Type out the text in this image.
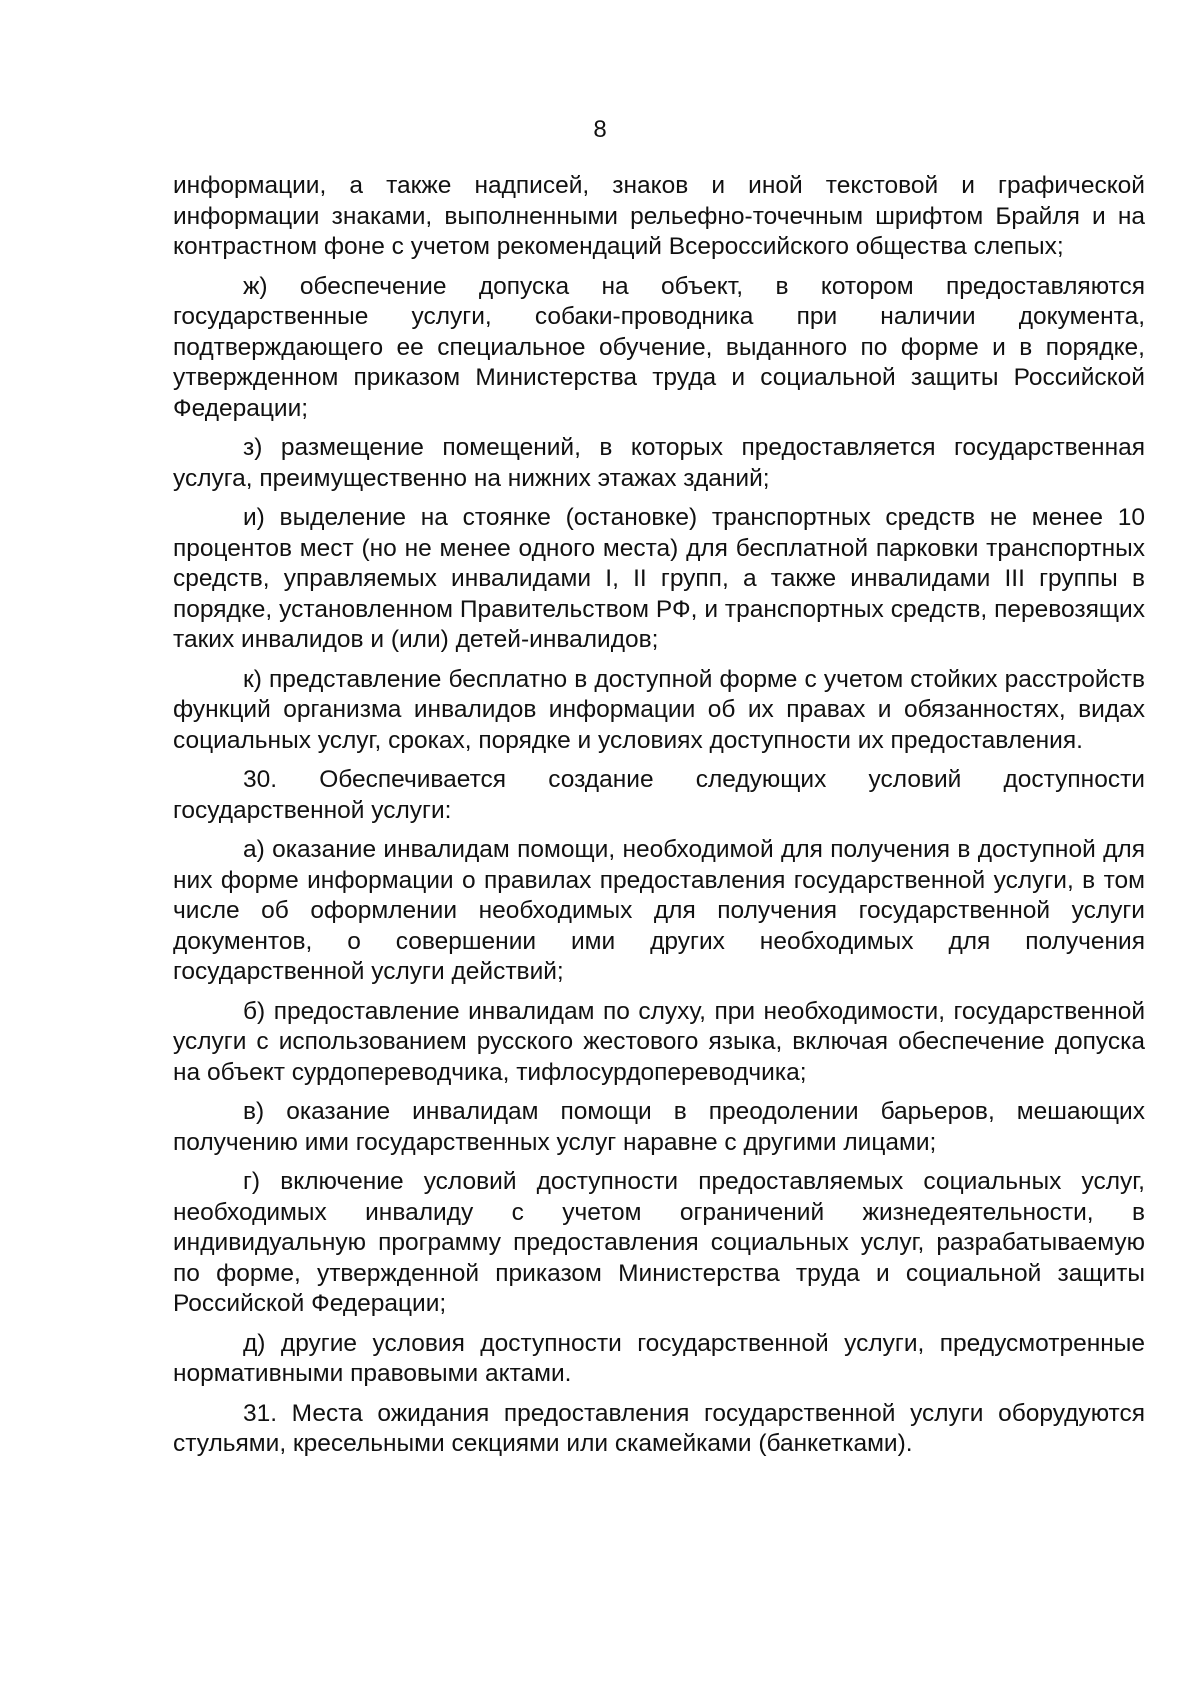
8

информации, а также надписей, знаков и иной текстовой и графической информации знаками, выполненными рельефно-точечным шрифтом Брайля и на контрастном фоне с учетом рекомендаций Всероссийского общества слепых;

ж) обеспечение допуска на объект, в котором предоставляются государственные услуги, собаки-проводника при наличии документа, подтверждающего ее специальное обучение, выданного по форме и в порядке, утвержденном приказом Министерства труда и социальной защиты Российской Федерации;

з) размещение помещений, в которых предоставляется государственная услуга, преимущественно на нижних этажах зданий;

и) выделение на стоянке (остановке) транспортных средств не менее 10 процентов мест (но не менее одного места) для бесплатной парковки транспортных средств, управляемых инвалидами I, II групп, а также инвалидами III группы в порядке, установленном Правительством РФ, и транспортных средств, перевозящих таких инвалидов и (или) детей-инвалидов;

к) представление бесплатно в доступной форме с учетом стойких расстройств функций организма инвалидов информации об их правах и обязанностях, видах социальных услуг, сроках, порядке и условиях доступности их предоставления.

30. Обеспечивается создание следующих условий доступности государственной услуги:

а) оказание инвалидам помощи, необходимой для получения в доступной для них форме информации о правилах предоставления государственной услуги, в том числе об оформлении необходимых для получения государственной услуги документов, о совершении ими других необходимых для получения государственной услуги действий;

б) предоставление инвалидам по слуху, при необходимости, государственной услуги с использованием русского жестового языка, включая обеспечение допуска на объект сурдопереводчика, тифлосурдопереводчика;

в) оказание инвалидам помощи в преодолении барьеров, мешающих получению ими государственных услуг наравне с другими лицами;

г) включение условий доступности предоставляемых социальных услуг, необходимых инвалиду с учетом ограничений жизнедеятельности, в индивидуальную программу предоставления социальных услуг, разрабатываемую по форме, утвержденной приказом Министерства труда и социальной защиты Российской Федерации;

д) другие условия доступности государственной услуги, предусмотренные нормативными правовыми актами.

31. Места ожидания предоставления государственной услуги оборудуются стульями, кресельными секциями или скамейками (банкетками).
